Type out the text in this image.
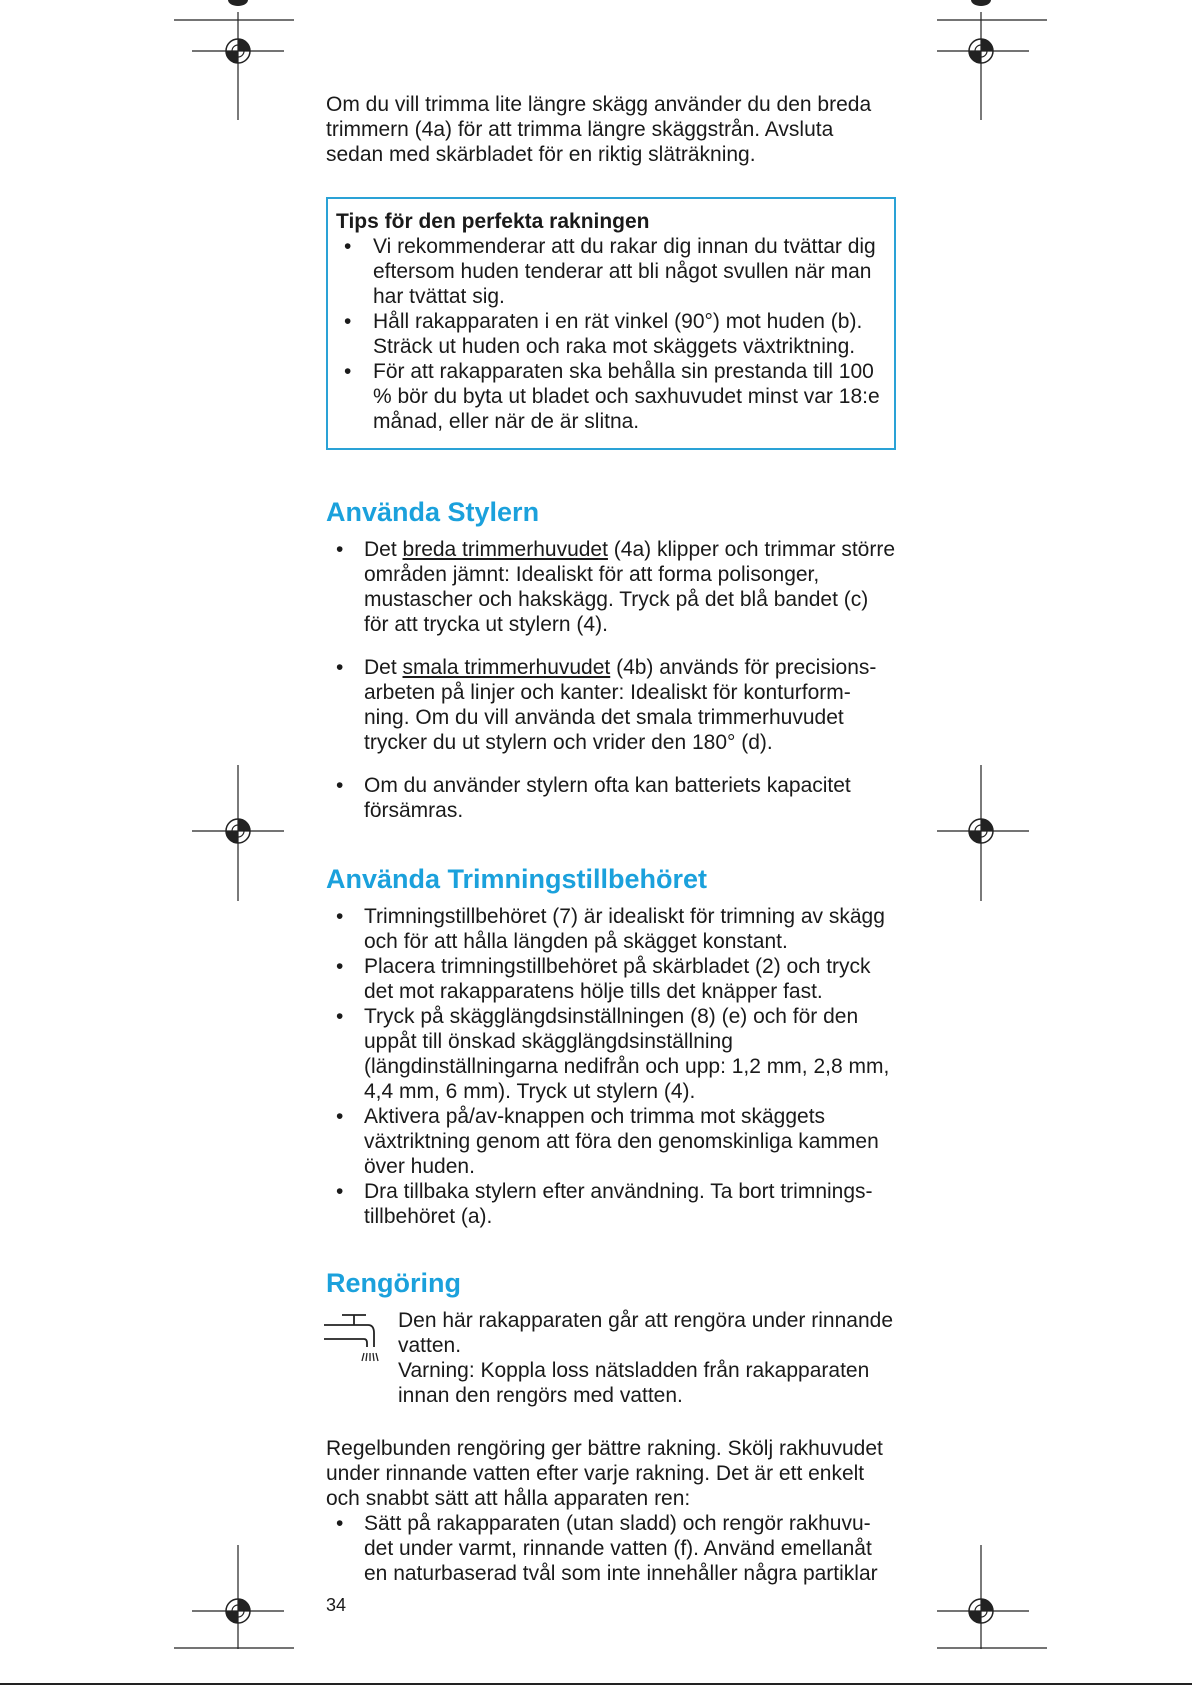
Om du vill trimma lite längre skägg använder du den breda trimmern (4a) för att trimma längre skäggstrån. Avsluta sedan med skärbladet för en riktig släträkning.

Tips för den perfekta rakningen
• Vi rekommenderar att du rakar dig innan du tvättar dig eftersom huden tenderar att bli något svullen när man har tvättat sig.
• Håll rakapparaten i en rät vinkel (90°) mot huden (b). Sträck ut huden och raka mot skäggets växtriktning.
• För att rakapparaten ska behålla sin prestanda till 100 % bör du byta ut bladet och saxhuvudet minst var 18:e månad, eller när de är slitna.
Använda Stylern
• Det breda trimmerhuvudet (4a) klipper och trimmar större områden jämnt: Idealiskt för att forma polisonger, mustascher och hakskägg. Tryck på det blå bandet (c) för att trycka ut stylern (4).
• Det smala trimmerhuvudet (4b) används för precisions-arbeten på linjer och kanter: Idealiskt för konturform-ning. Om du vill använda det smala trimmerhuvudet trycker du ut stylern och vrider den 180° (d).
• Om du använder stylern ofta kan batteriets kapacitet försämras.
Använda Trimningstillbehöret
• Trimningstillbehöret (7) är idealiskt för trimning av skägg och för att hålla längden på skägget konstant.
• Placera trimningstillbehöret på skärbladet (2) och tryck det mot rakapparatens hölje tills det knäpper fast.
• Tryck på skägglängdsinställningen (8) (e) och för den uppåt till önskad skägglängdsinställning (längdinställningarna nedifrån och upp: 1,2 mm, 2,8 mm, 4,4 mm, 6 mm). Tryck ut stylern (4).
• Aktivera på/av-knappen och trimma mot skäggets växtriktning genom att föra den genomskinliga kammen över huden.
• Dra tillbaka stylern efter användning. Ta bort trimnings-tillbehöret (a).
Rengöring

Den här rakapparaten går att rengöra under rinnande vatten.

Varning: Koppla loss nätsladden från rakapparaten innan den rengörs med vatten.

Regelbunden rengöring ger bättre rakning. Skölj rakhuvudet under rinnande vatten efter varje rakning. Det är ett enkelt och snabbt sätt att hålla apparaten ren:

• Sätt på rakapparaten (utan sladd) och rengör rakhuvu-det under varmt, rinnande vatten (f). Använd emellanåt en naturbaserad tvål som inte innehåller några partiklar
34
